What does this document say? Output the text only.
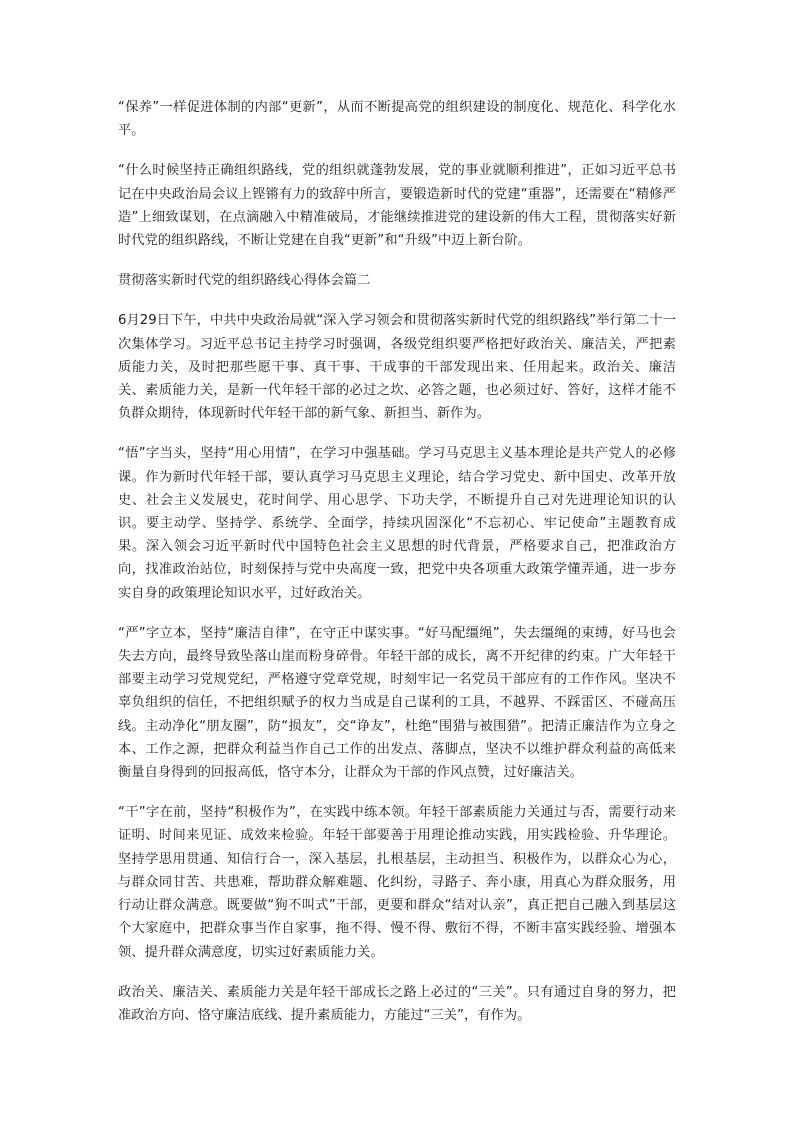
“保养”一样促进体制的内部“更新”，从而不断提高党的组织建设的制度化、规范化、科学化水平。

“什么时候坚持正确组织路线，党的组织就蓬勃发展，党的事业就顺利推进”，正如习近平总书记在中央政治局会议上铿锵有力的致辞中所言，要锻造新时代的党建“重器”，还需要在“精修严造”上细致谋划，在点滴融入中精准破局，才能继续推进党的建设新的伟大工程，贯彻落实好新时代党的组织路线，不断让党建在自我“更新”和“升级”中迈上新台阶。

贯彻落实新时代党的组织路线心得体会篇二

6月29日下午，中共中央政治局就“深入学习领会和贯彻落实新时代党的组织路线”举行第二十一次集体学习。习近平总书记主持学习时强调，各级党组织要严格把好政治关、廉洁关，严把素质能力关，及时把那些愿干事、真干事、干成事的干部发现出来、任用起来。政治关、廉洁关、素质能力关，是新一代年轻干部的必过之坎、必答之题，也必须过好、答好，这样才能不负群众期待，体现新时代年轻干部的新气象、新担当、新作为。

“悟”字当头，坚持“用心用情”，在学习中强基础。学习马克思主义基本理论是共产党人的必修课。作为新时代年轻干部，要认真学习马克思主义理论，结合学习党史、新中国史、改革开放史、社会主义发展史，花时间学、用心思学、下功夫学，不断提升自己对先进理论知识的认识。要主动学、坚持学、系统学、全面学，持续巩固深化“不忘初心、牢记使命”主题教育成果。深入领会习近平新时代中国特色社会主义思想的时代背景，严格要求自己，把准政治方向，找准政治站位，时刻保持与党中央高度一致，把党中央各项重大政策学懂弄通，进一步夯实自身的政策理论知识水平，过好政治关。

“严”字立本，坚持“廉洁自律”，在守正中谋实事。“好马配缰绳”，失去缰绳的束缚，好马也会失去方向，最终导致坠落山崖而粉身碎骨。年轻干部的成长，离不开纪律的约束。广大年轻干部要主动学习党规党纪，严格遵守党章党规，时刻牢记一名党员干部应有的工作作风。坚决不辜负组织的信任，不把组织赋予的权力当成是自己谋利的工具，不越界、不踩雷区、不碰高压线。主动净化“朋友圈”，防“损友”，交“诤友”，杜绝“围猎与被围猎”。把清正廉洁作为立身之本、工作之源，把群众利益当作自己工作的出发点、落脚点，坚决不以维护群众利益的高低来衡量自身得到的回报高低，恪守本分，让群众为干部的作风点赞，过好廉洁关。

“干”字在前，坚持“积极作为”，在实践中练本领。年轻干部素质能力关通过与否，需要行动来证明、时间来见证、成效来检验。年轻干部要善于用理论推动实践，用实践检验、升华理论。坚持学思用贯通、知信行合一，深入基层，扎根基层，主动担当、积极作为，以群众心为心，与群众同甘苦、共患难，帮助群众解难题、化纠纷，寻路子、奔小康，用真心为群众服务，用行动让群众满意。既要做“狗不叫式”干部，更要和群众“结对认亲”，真正把自己融入到基层这个大家庭中，把群众事当作自家事，拖不得、慢不得、敷衍不得，不断丰富实践经验、增强本领、提升群众满意度，切实过好素质能力关。

政治关、廉洁关、素质能力关是年轻干部成长之路上必过的“三关”。只有通过自身的努力，把准政治方向、恪守廉洁底线、提升素质能力，方能过“三关”，有作为。
